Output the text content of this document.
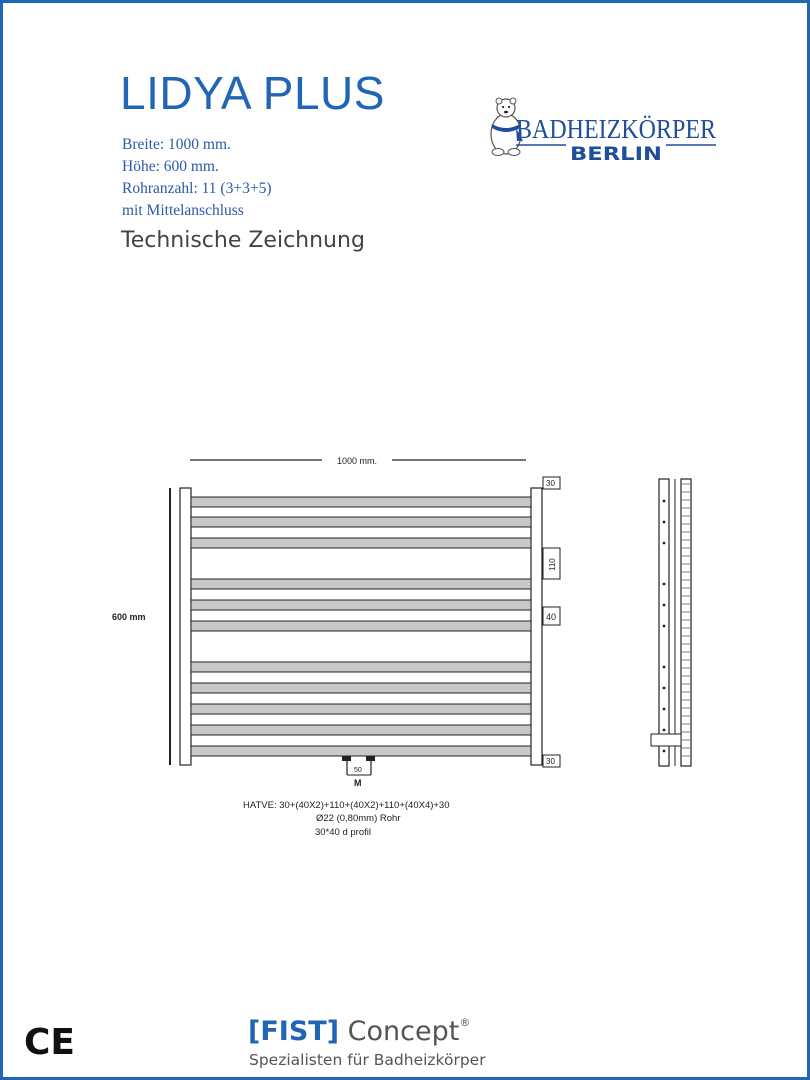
LIDYA PLUS
Breite: 1000 mm.
Höhe: 600 mm.
Rohranzahl: 11 (3+3+5)
mit Mittelanschluss
Technische Zeichnung
BADHEIZKÖRPER
BERLIN
1000 mm.
600 mm
30
110
40
30
50
M
HATVE: 30+(40X2)+110+(40X2)+110+(40X4)+30
Ø22 (0,80mm) Rohr
30*40 d profil
CE	[FIST] Concept®
Spezialisten für Badheizkörper
